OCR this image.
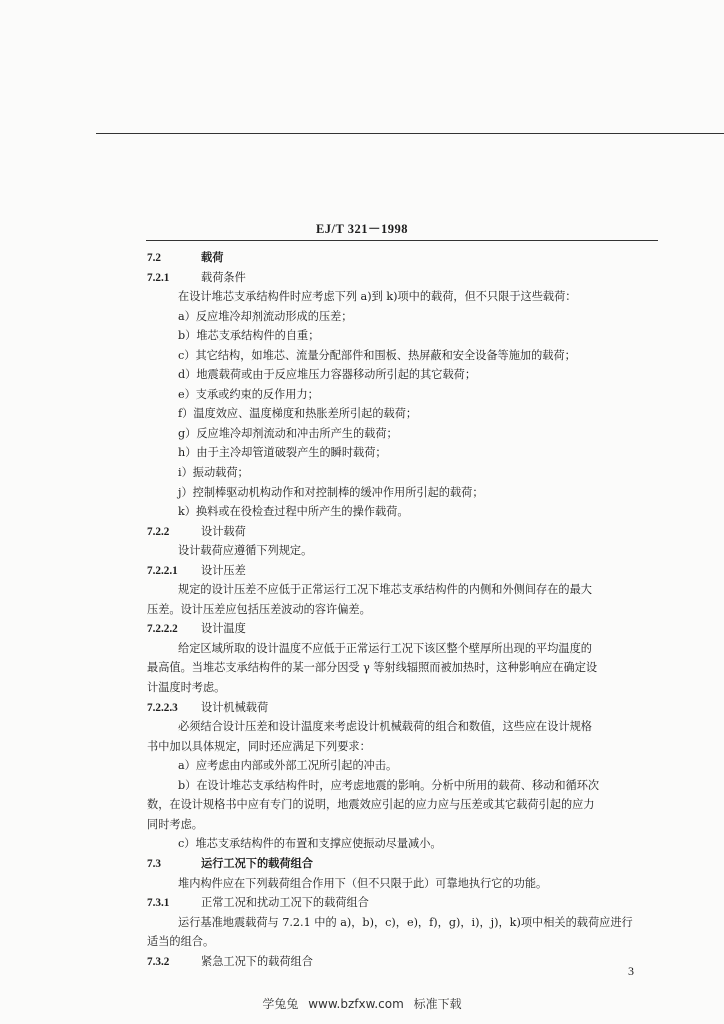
EJ/T 321－1998
7.2	载荷
7.2.1	载荷条件
在设计堆芯支承结构件时应考虑下列 a)到 k)项中的载荷，但不只限于这些载荷：
a）反应堆冷却剂流动形成的压差；
b）堆芯支承结构件的自重；
c）其它结构，如堆芯、流量分配部件和围板、热屏蔽和安全设备等施加的载荷；
d）地震载荷或由于反应堆压力容器移动所引起的其它载荷；
e）支承或约束的反作用力；
f）温度效应、温度梯度和热胀差所引起的载荷；
g）反应堆冷却剂流动和冲击所产生的载荷；
h）由于主冷却管道破裂产生的瞬时载荷；
i）振动载荷；
j）控制棒驱动机构动作和对控制棒的缓冲作用所引起的载荷；
k）换料或在役检查过程中所产生的操作载荷。
7.2.2	设计载荷
设计载荷应遵循下列规定。
7.2.2.1 设计压差
规定的设计压差不应低于正常运行工况下堆芯支承结构件的内侧和外侧间存在的最大
压差。设计压差应包括压差波动的容许偏差。
7.2.2.2 设计温度
给定区域所取的设计温度不应低于正常运行工况下该区整个壁厚所出现的平均温度的
最高值。当堆芯支承结构件的某一部分因受 γ 等射线辐照而被加热时，这种影响应在确定设
计温度时考虑。
7.2.2.3 设计机械载荷
必须结合设计压差和设计温度来考虑设计机械载荷的组合和数值，这些应在设计规格
书中加以具体规定，同时还应满足下列要求：
a）应考虑由内部或外部工况所引起的冲击。
b）在设计堆芯支承结构件时，应考虑地震的影响。分析中所用的载荷、移动和循环次
数，在设计规格书中应有专门的说明，地震效应引起的应力应与压差或其它载荷引起的应力
同时考虑。
c）堆芯支承结构件的布置和支撑应使振动尽量减小。
7.3	运行工况下的载荷组合
堆内构件应在下列载荷组合作用下（但不只限于此）可靠地执行它的功能。
7.3.1	正常工况和扰动工况下的载荷组合
运行基准地震载荷与 7.2.1 中的 a)，b)，c)，e)，f)，g)，i)，j)，k)项中相关的载荷应进行
适当的组合。
7.3.2	紧急工况下的载荷组合
3
学兔兔 www.bzfxw.com 标准下载
